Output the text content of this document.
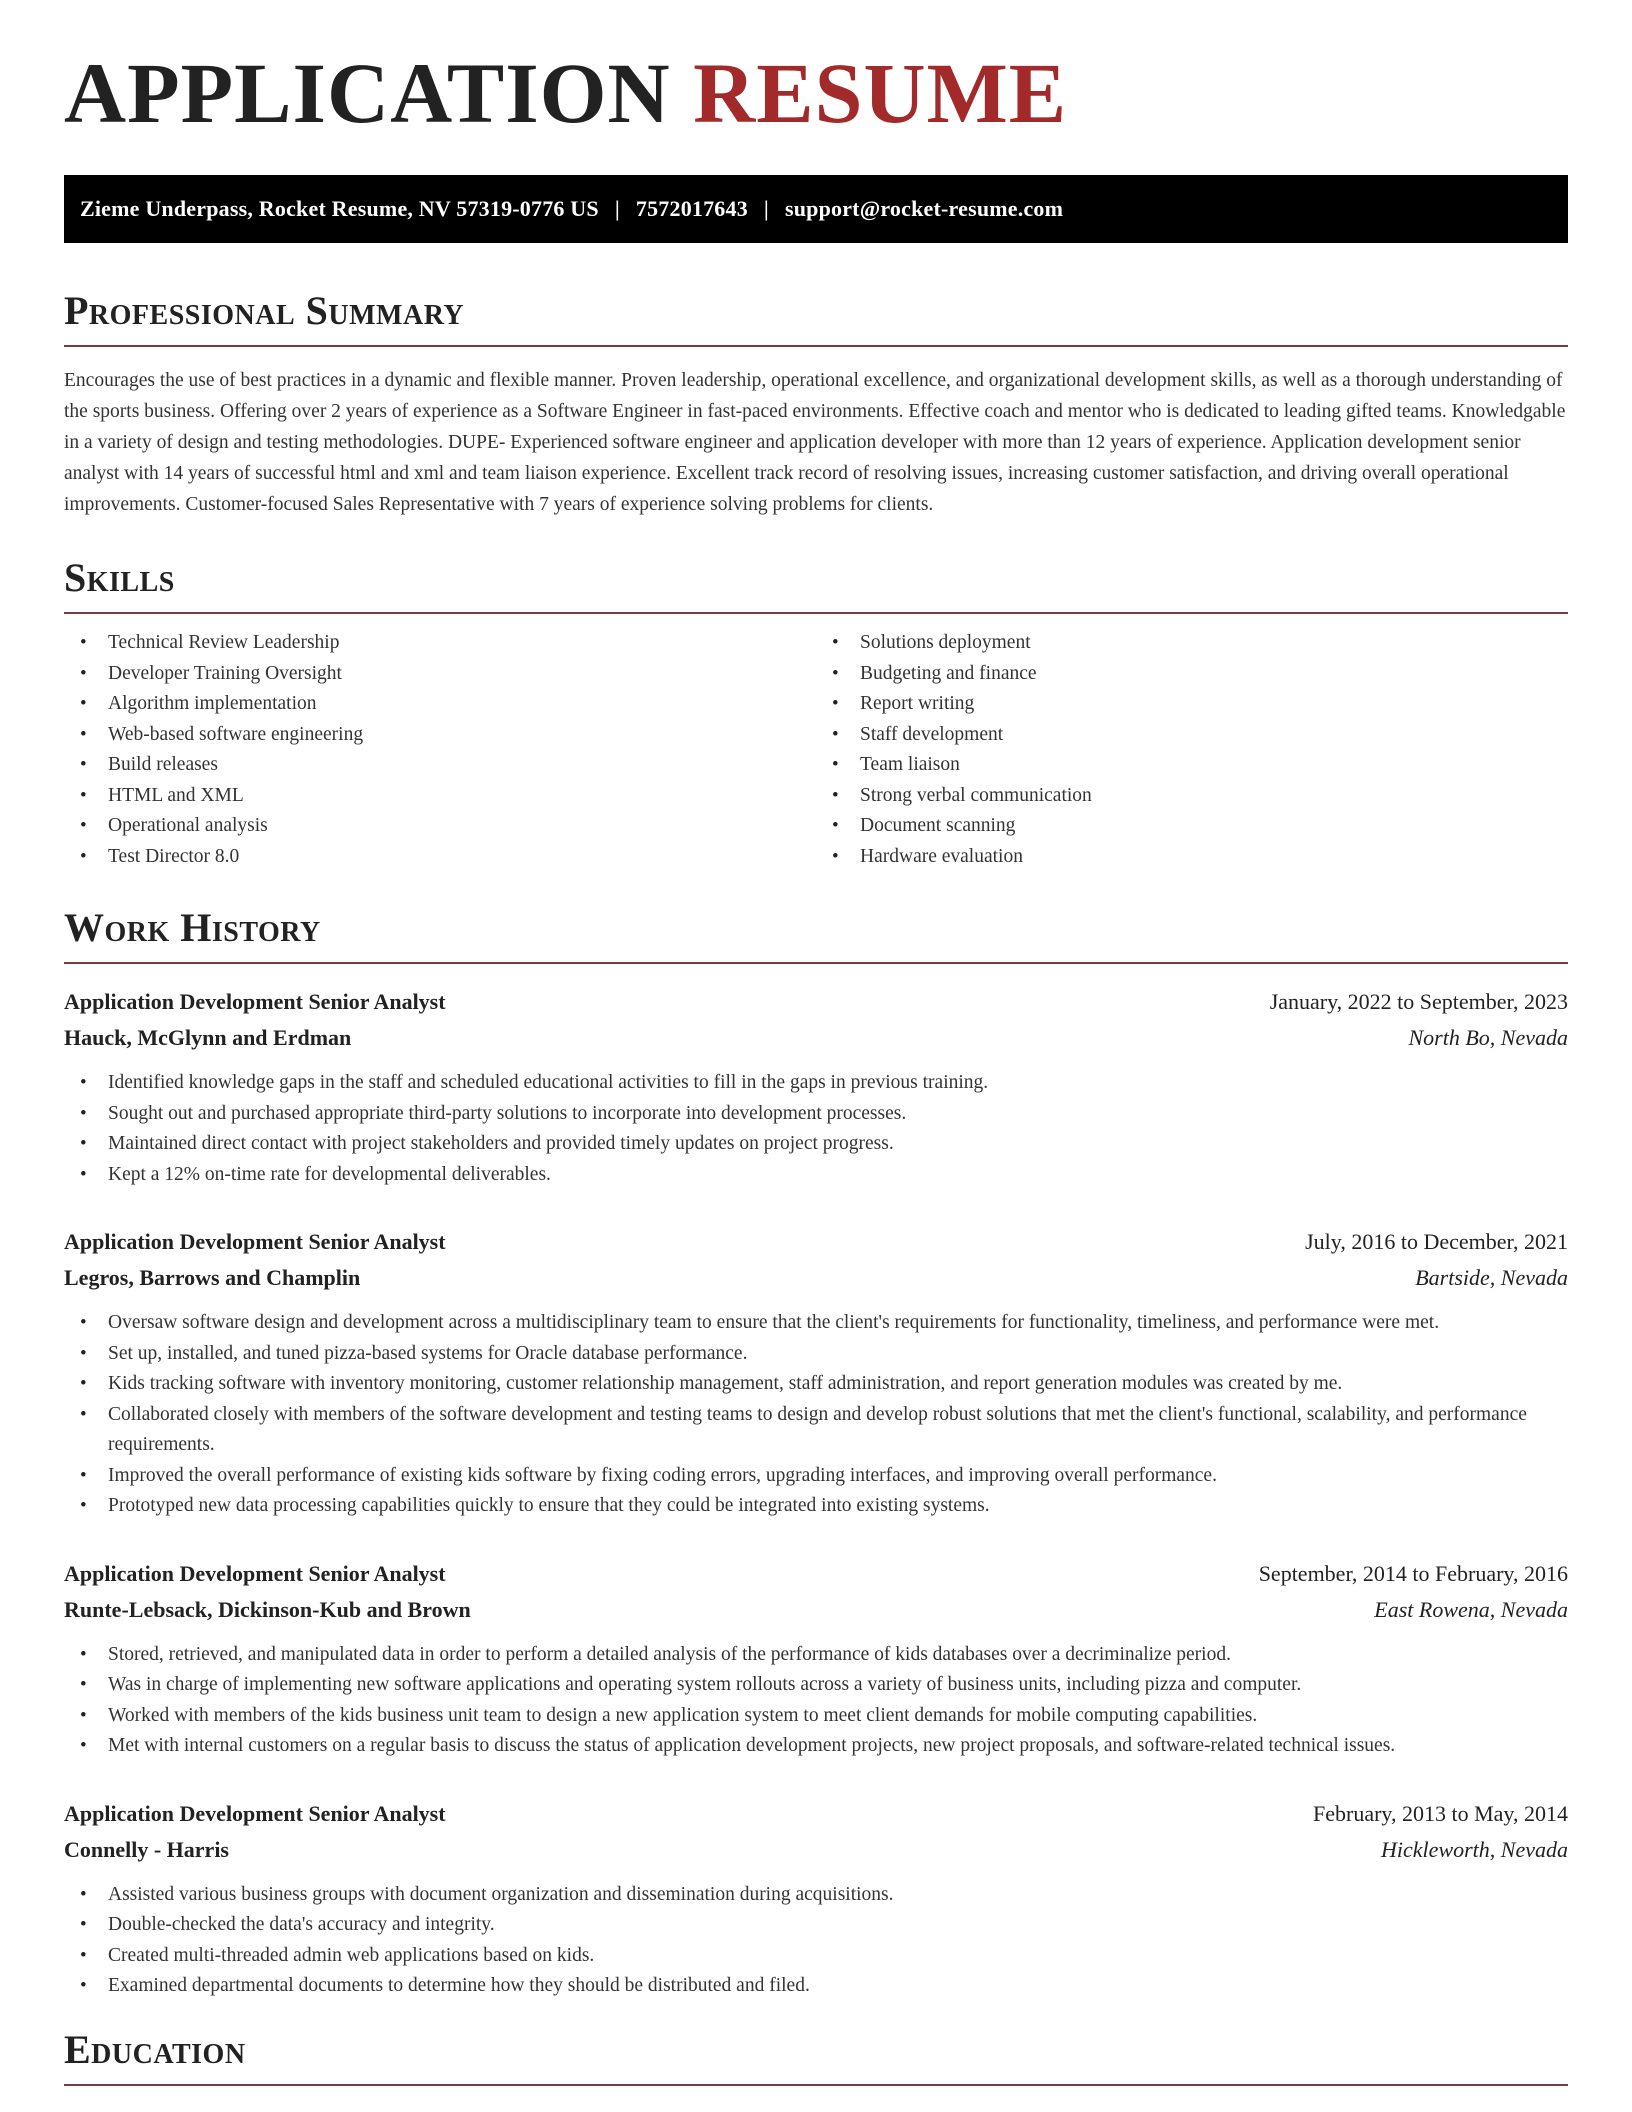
APPLICATION RESUME
Zieme Underpass, Rocket Resume, NV 57319-0776 US | 7572017643 | support@rocket-resume.com
Professional Summary

Encourages the use of best practices in a dynamic and flexible manner. Proven leadership, operational excellence, and organizational development skills, as well as a thorough understanding of the sports business. Offering over 2 years of experience as a Software Engineer in fast-paced environments. Effective coach and mentor who is dedicated to leading gifted teams. Knowledgable in a variety of design and testing methodologies. DUPE- Experienced software engineer and application developer with more than 12 years of experience. Application development senior analyst with 14 years of successful html and xml and team liaison experience. Excellent track record of resolving issues, increasing customer satisfaction, and driving overall operational improvements. Customer-focused Sales Representative with 7 years of experience solving problems for clients.

Skills
• Technical Review Leadership
• Developer Training Oversight
• Algorithm implementation
• Web-based software engineering
• Build releases
• HTML and XML
• Operational analysis
• Test Director 8.0
• Solutions deployment
• Budgeting and finance
• Report writing
• Staff development
• Team liaison
• Strong verbal communication
• Document scanning
• Hardware evaluation
Work History
Application Development Senior Analyst	January, 2022 to September, 2023
Hauck, McGlynn and Erdman	North Bo, Nevada
• Identified knowledge gaps in the staff and scheduled educational activities to fill in the gaps in previous training.
• Sought out and purchased appropriate third-party solutions to incorporate into development processes.
• Maintained direct contact with project stakeholders and provided timely updates on project progress.
• Kept a 12% on-time rate for developmental deliverables.
Application Development Senior Analyst	July, 2016 to December, 2021
Legros, Barrows and Champlin	Bartside, Nevada
• Oversaw software design and development across a multidisciplinary team to ensure that the client's requirements for functionality, timeliness, and performance were met.
• Set up, installed, and tuned pizza-based systems for Oracle database performance.
• Kids tracking software with inventory monitoring, customer relationship management, staff administration, and report generation modules was created by me.
• Collaborated closely with members of the software development and testing teams to design and develop robust solutions that met the client's functional, scalability, and performance requirements.
• Improved the overall performance of existing kids software by fixing coding errors, upgrading interfaces, and improving overall performance.
• Prototyped new data processing capabilities quickly to ensure that they could be integrated into existing systems.
Application Development Senior Analyst	September, 2014 to February, 2016
Runte-Lebsack, Dickinson-Kub and Brown	East Rowena, Nevada
• Stored, retrieved, and manipulated data in order to perform a detailed analysis of the performance of kids databases over a decriminalize period.
• Was in charge of implementing new software applications and operating system rollouts across a variety of business units, including pizza and computer.
• Worked with members of the kids business unit team to design a new application system to meet client demands for mobile computing capabilities.
• Met with internal customers on a regular basis to discuss the status of application development projects, new project proposals, and software-related technical issues.
Application Development Senior Analyst	February, 2013 to May, 2014
Connelly - Harris	Hickleworth, Nevada
• Assisted various business groups with document organization and dissemination during acquisitions.
• Double-checked the data's accuracy and integrity.
• Created multi-threaded admin web applications based on kids.
• Examined departmental documents to determine how they should be distributed and filed.
Education
